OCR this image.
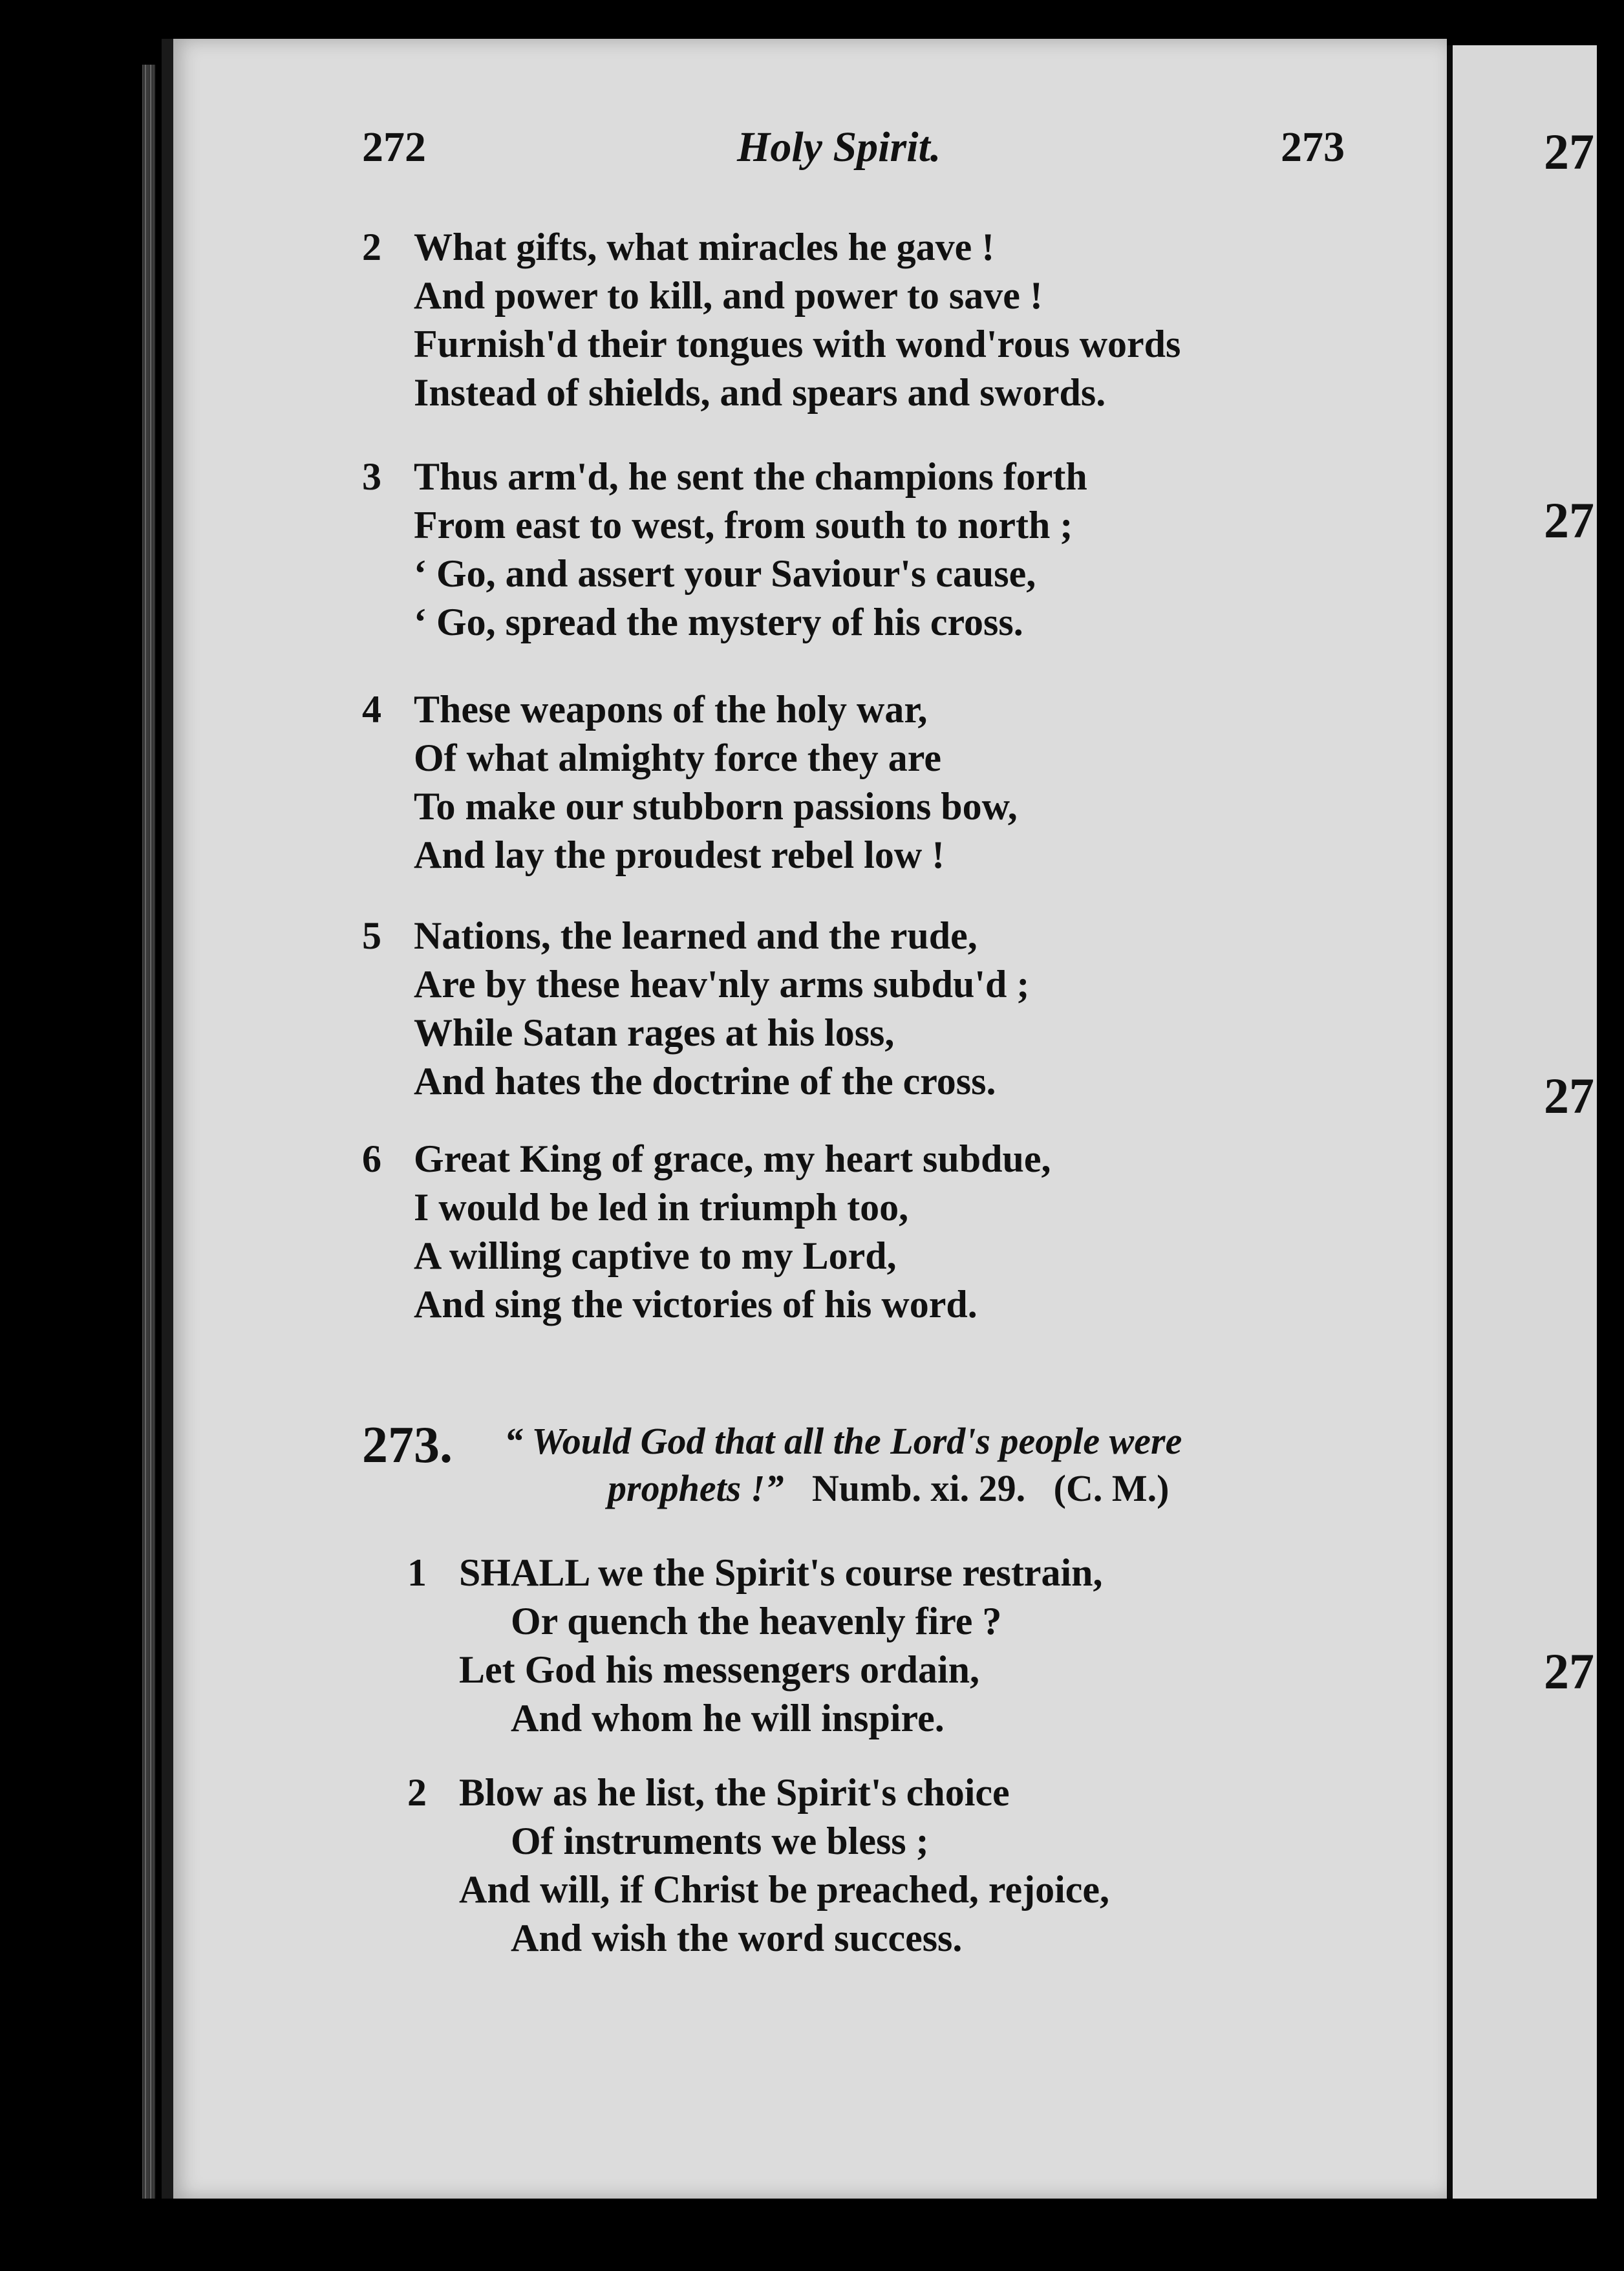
27
27
27
27
272	Holy Spirit.	273
2 What gifts, what miracles he gave !
And power to kill, and power to save !
Furnish'd their tongues with wond'rous words
Instead of shields, and spears and swords.
3 Thus arm'd, he sent the champions forth
From east to west, from south to north ;
‘ Go, and assert your Saviour's cause,
‘ Go, spread the mystery of his cross.
4 These weapons of the holy war,
Of what almighty force they are
To make our stubborn passions bow,
And lay the proudest rebel low !
5 Nations, the learned and the rude,
Are by these heav'nly arms subdu'd ;
While Satan rages at his loss,
And hates the doctrine of the cross.
6 Great King of grace, my heart subdue,
I would be led in triumph too,
A willing captive to my Lord,
And sing the victories of his word.
273. “ Would God that all the Lord's people were
prophets !” Numb. xi. 29. (C. M.)
1 SHALL we the Spirit's course restrain,
Or quench the heavenly fire ?
Let God his messengers ordain,
And whom he will inspire.
2 Blow as he list, the Spirit's choice
Of instruments we bless ;
And will, if Christ be preached, rejoice,
And wish the word success.
